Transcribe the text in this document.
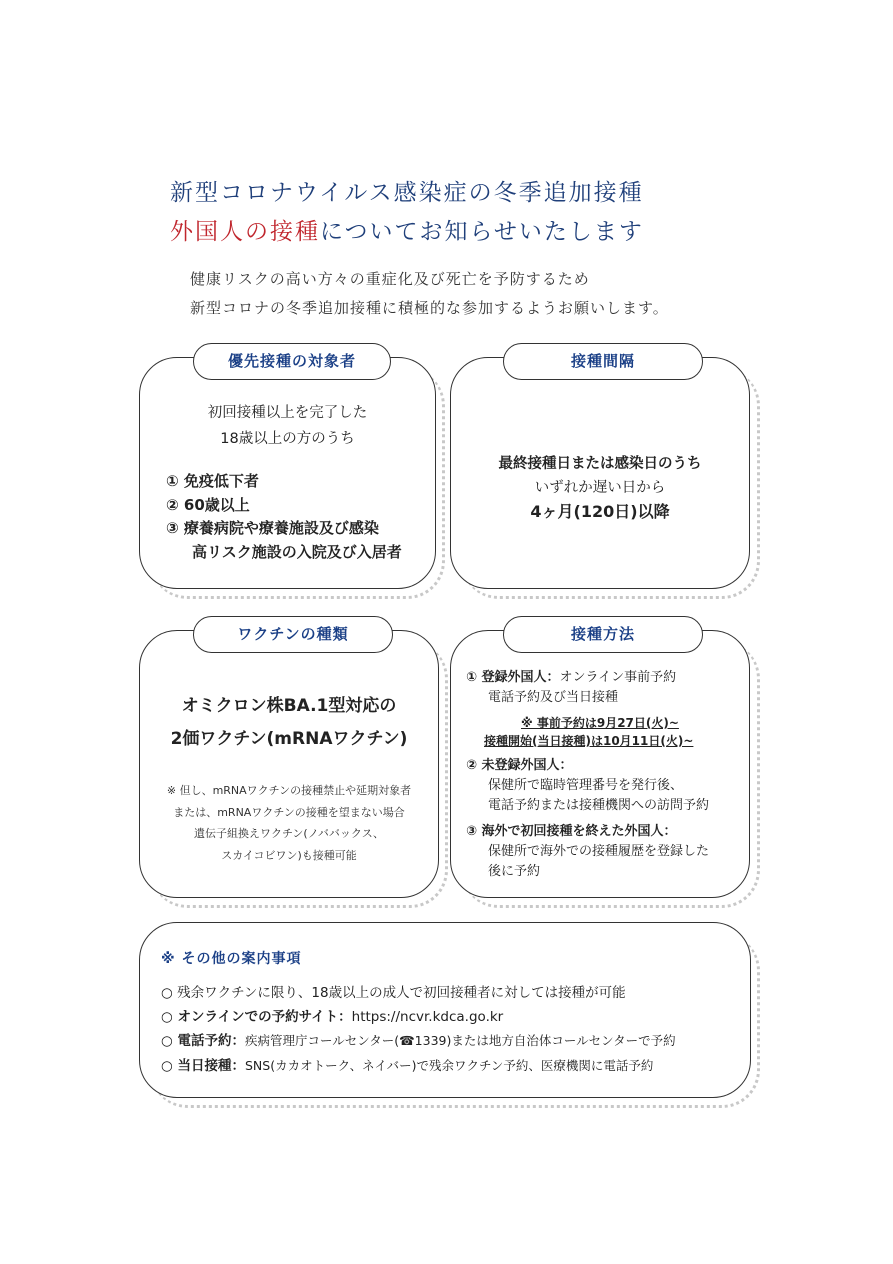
新型コロナウイルス感染症の冬季追加接種
外国人の接種についてお知らせいたします
健康リスクの高い方々の重症化及び死亡を予防するため
新型コロナの冬季追加接種に積極的な参加するようお願いします。
優先接種の対象者
初回接種以上を完了した
18歳以上の方のうち
① 免疫低下者
② 60歳以上
③ 療養病院や療養施設及び感染
高リスク施設の入院及び入居者
接種間隔
最終接種日または感染日のうち
いずれか遅い日から
4ヶ月(120日)以降
ワクチンの種類
オミクロン株BA.1型対応の
2価ワクチン(mRNAワクチン)
※ 但し、mRNAワクチンの接種禁止や延期対象者
または、mRNAワクチンの接種を望まない場合
遺伝子組換えワクチン(ノババックス、
スカイコビワン)も接種可能
接種方法
① 登録外国人：オンライン事前予約
電話予約及び当日接種
※ 事前予約は9月27日(火)~
接種開始(当日接種)は10月11日(火)~
② 未登録外国人：
保健所で臨時管理番号を発行後、
電話予約または接種機関への訪問予約
③ 海外で初回接種を終えた外国人：
保健所で海外での接種履歴を登録した
後に予約
※ その他の案内事項
○ 残余ワクチンに限り、18歳以上の成人で初回接種者に対しては接種が可能
○ オンラインでの予約サイト：https://ncvr.kdca.go.kr
○ 電話予約：疾病管理庁コールセンター(☎1339)または地方自治体コールセンターで予約
○ 当日接種：SNS(カカオトーク、ネイバー)で残余ワクチン予約、医療機関に電話予約
